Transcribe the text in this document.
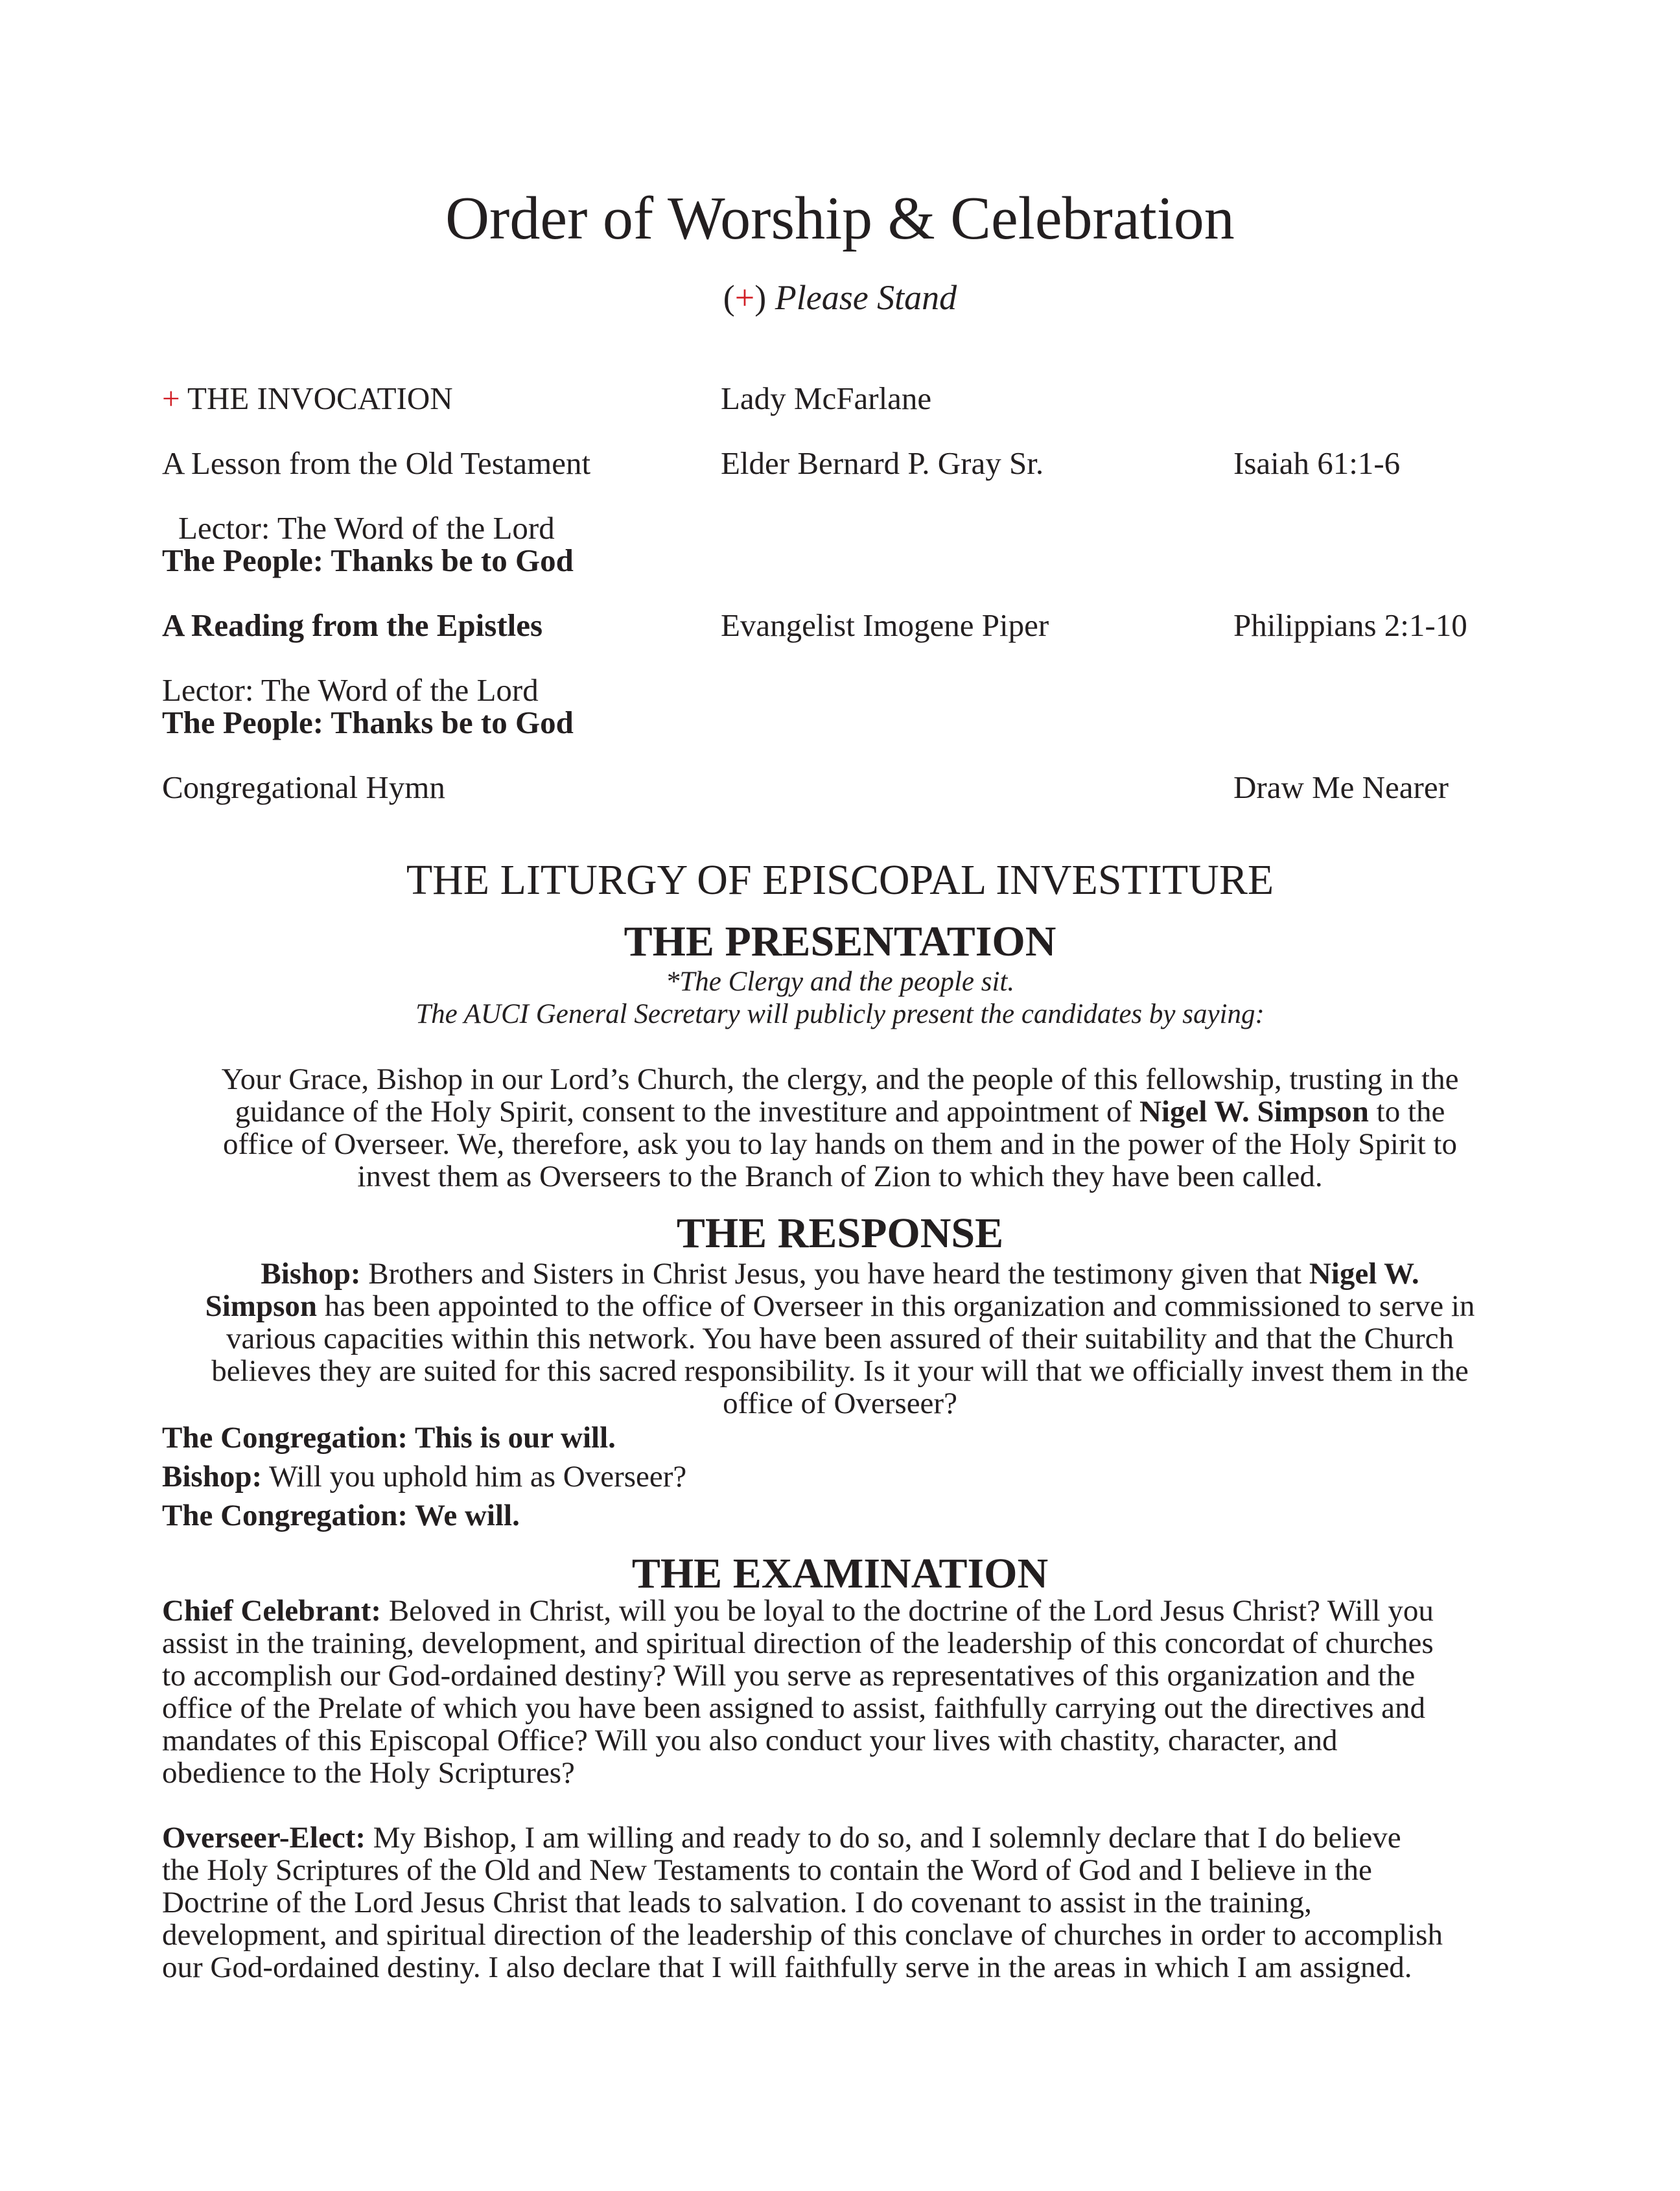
Order of Worship & Celebration
(+) Please Stand
+ THE INVOCATION	Lady McFarlane
A Lesson from the Old Testament	Elder Bernard P. Gray Sr.	Isaiah 61:1-6
Lector: The Word of the Lord
The People: Thanks be to God
A Reading from the Epistles	Evangelist Imogene Piper	Philippians 2:1-10
Lector: The Word of the Lord
The People: Thanks be to God
Congregational Hymn	Draw Me Nearer
THE LITURGY OF EPISCOPAL INVESTITURE
THE PRESENTATION
*The Clergy and the people sit.
The AUCI General Secretary will publicly present the candidates by saying:
Your Grace, Bishop in our Lord’s Church, the clergy, and the people of this fellowship, trusting in the
guidance of the Holy Spirit, consent to the investiture and appointment of Nigel W. Simpson to the
office of Overseer. We, therefore, ask you to lay hands on them and in the power of the Holy Spirit to
invest them as Overseers to the Branch of Zion to which they have been called.
THE RESPONSE
Bishop: Brothers and Sisters in Christ Jesus, you have heard the testimony given that Nigel W.
Simpson has been appointed to the office of Overseer in this organization and commissioned to serve in
various capacities within this network. You have been assured of their suitability and that the Church
believes they are suited for this sacred responsibility. Is it your will that we officially invest them in the
office of Overseer?
The Congregation: This is our will.
Bishop: Will you uphold him as Overseer?
The Congregation: We will.
THE EXAMINATION
Chief Celebrant: Beloved in Christ, will you be loyal to the doctrine of the Lord Jesus Christ? Will you
assist in the training, development, and spiritual direction of the leadership of this concordat of churches
to accomplish our God-ordained destiny? Will you serve as representatives of this organization and the
office of the Prelate of which you have been assigned to assist, faithfully carrying out the directives and
mandates of this Episcopal Office? Will you also conduct your lives with chastity, character, and
obedience to the Holy Scriptures?
Overseer-Elect: My Bishop, I am willing and ready to do so, and I solemnly declare that I do believe
the Holy Scriptures of the Old and New Testaments to contain the Word of God and I believe in the
Doctrine of the Lord Jesus Christ that leads to salvation. I do covenant to assist in the training,
development, and spiritual direction of the leadership of this conclave of churches in order to accomplish
our God-ordained destiny. I also declare that I will faithfully serve in the areas in which I am assigned.
